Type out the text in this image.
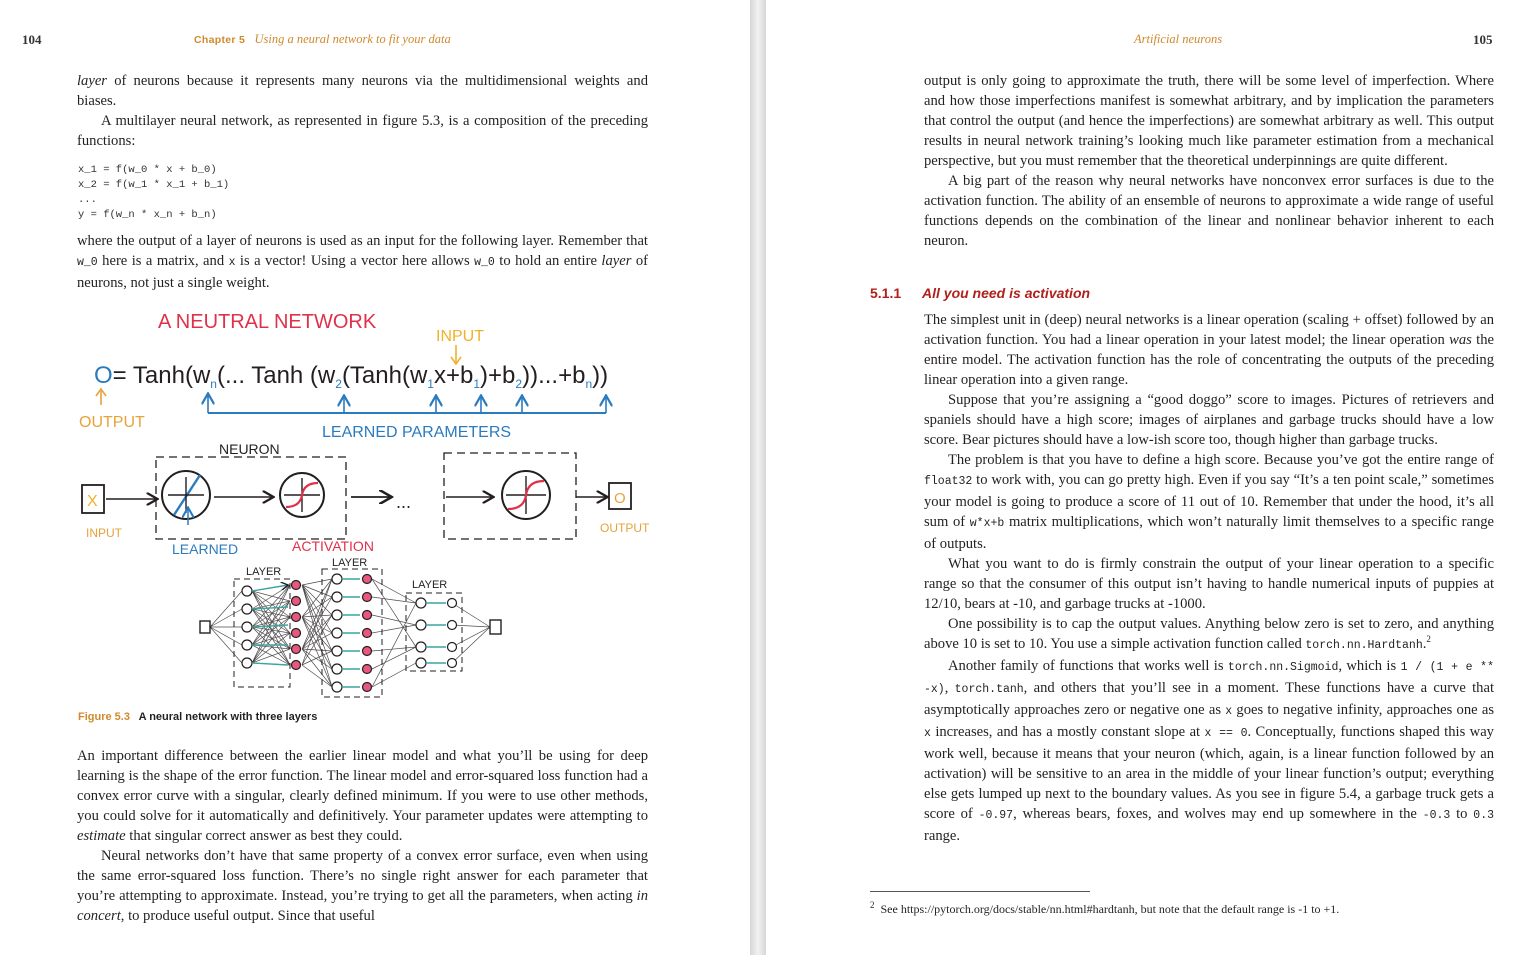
104	Chapter 5 Using a neural network to fit your data

layer of neurons because it represents many neurons via the multidimensional weights and biases.

A multilayer neural network, as represented in figure 5.3, is a composition of the preceding functions:

x_1 = f(w_0 * x + b_0)
x_2 = f(w_1 * x_1 + b_1)
...
y = f(w_n * x_n + b_n)

where the output of a layer of neurons is used as an input for the following layer. Remember that w_0 here is a matrix, and x is a vector! Using a vector here allows w_0 to hold an entire layer of neurons, not just a single weight.

A NEUTRAL NETWORK
INPUT
$O= Tanh(w_n$(... Tanh $(w_2(Tanh(w_1x+b_1)+b_2))...+b_n$))
OUTPUT
LEARNED PARAMETERS
NEURON
X	...	O
INPUT	OUTPUT
LEARNED	ACTIVATION
LAYER
LAYER
LAYER
Figure 5.3 A neural network with three layers

An important difference between the earlier linear model and what you’ll be using for deep learning is the shape of the error function. The linear model and error-squared loss function had a convex error curve with a singular, clearly defined minimum. If you were to use other methods, you could solve for it automatically and definitively. Your parameter updates were attempting to estimate that singular correct answer as best they could.

Neural networks don’t have that same property of a convex error surface, even when using the same error-squared loss function. There’s no single right answer for each parameter that you’re attempting to approximate. Instead, you’re trying to get all the parameters, when acting in concert, to produce useful output. Since that useful

Artificial neurons	105

output is only going to approximate the truth, there will be some level of imperfection. Where and how those imperfections manifest is somewhat arbitrary, and by implication the parameters that control the output (and hence the imperfections) are somewhat arbitrary as well. This output results in neural network training’s looking much like parameter estimation from a mechanical perspective, but you must remember that the theoretical underpinnings are quite different.

A big part of the reason why neural networks have nonconvex error surfaces is due to the activation function. The ability of an ensemble of neurons to approximate a wide range of useful functions depends on the combination of the linear and nonlinear behavior inherent to each neuron.

5.1.1 All you need is activation

The simplest unit in (deep) neural networks is a linear operation (scaling + offset) followed by an activation function. You had a linear operation in your latest model; the linear operation was the entire model. The activation function has the role of concentrating the outputs of the preceding linear operation into a given range.

Suppose that you’re assigning a “good doggo” score to images. Pictures of retrievers and spaniels should have a high score; images of airplanes and garbage trucks should have a low score. Bear pictures should have a low-ish score too, though higher than garbage trucks.

The problem is that you have to define a high score. Because you’ve got the entire range of float32 to work with, you can go pretty high. Even if you say “It’s a ten point scale,” sometimes your model is going to produce a score of 11 out of 10. Remember that under the hood, it’s all sum of w*x+b matrix multiplications, which won’t naturally limit themselves to a specific range of outputs.

What you want to do is firmly constrain the output of your linear operation to a specific range so that the consumer of this output isn’t having to handle numerical inputs of puppies at 12/10, bears at -10, and garbage trucks at -1000.

One possibility is to cap the output values. Anything below zero is set to zero, and anything above 10 is set to 10. You use a simple activation function called torch.nn.Hardtanh.$^2$

Another family of functions that works well is torch.nn.Sigmoid, which is 1 / (1 + e ** -x), torch.tanh, and others that you’ll see in a moment. These functions have a curve that asymptotically approaches zero or negative one as x goes to negative infinity, approaches one as x increases, and has a mostly constant slope at x == 0. Conceptually, functions shaped this way work well, because it means that your neuron (which, again, is a linear function followed by an activation) will be sensitive to an area in the middle of your linear function’s output; everything else gets lumped up next to the boundary values. As you see in figure 5.4, a garbage truck gets a score of -0.97, whereas bears, foxes, and wolves may end up somewhere in the -0.3 to 0.3 range.

$^2$ See https://pytorch.org/docs/stable/nn.html#hardtanh, but note that the default range is -1 to +1.
